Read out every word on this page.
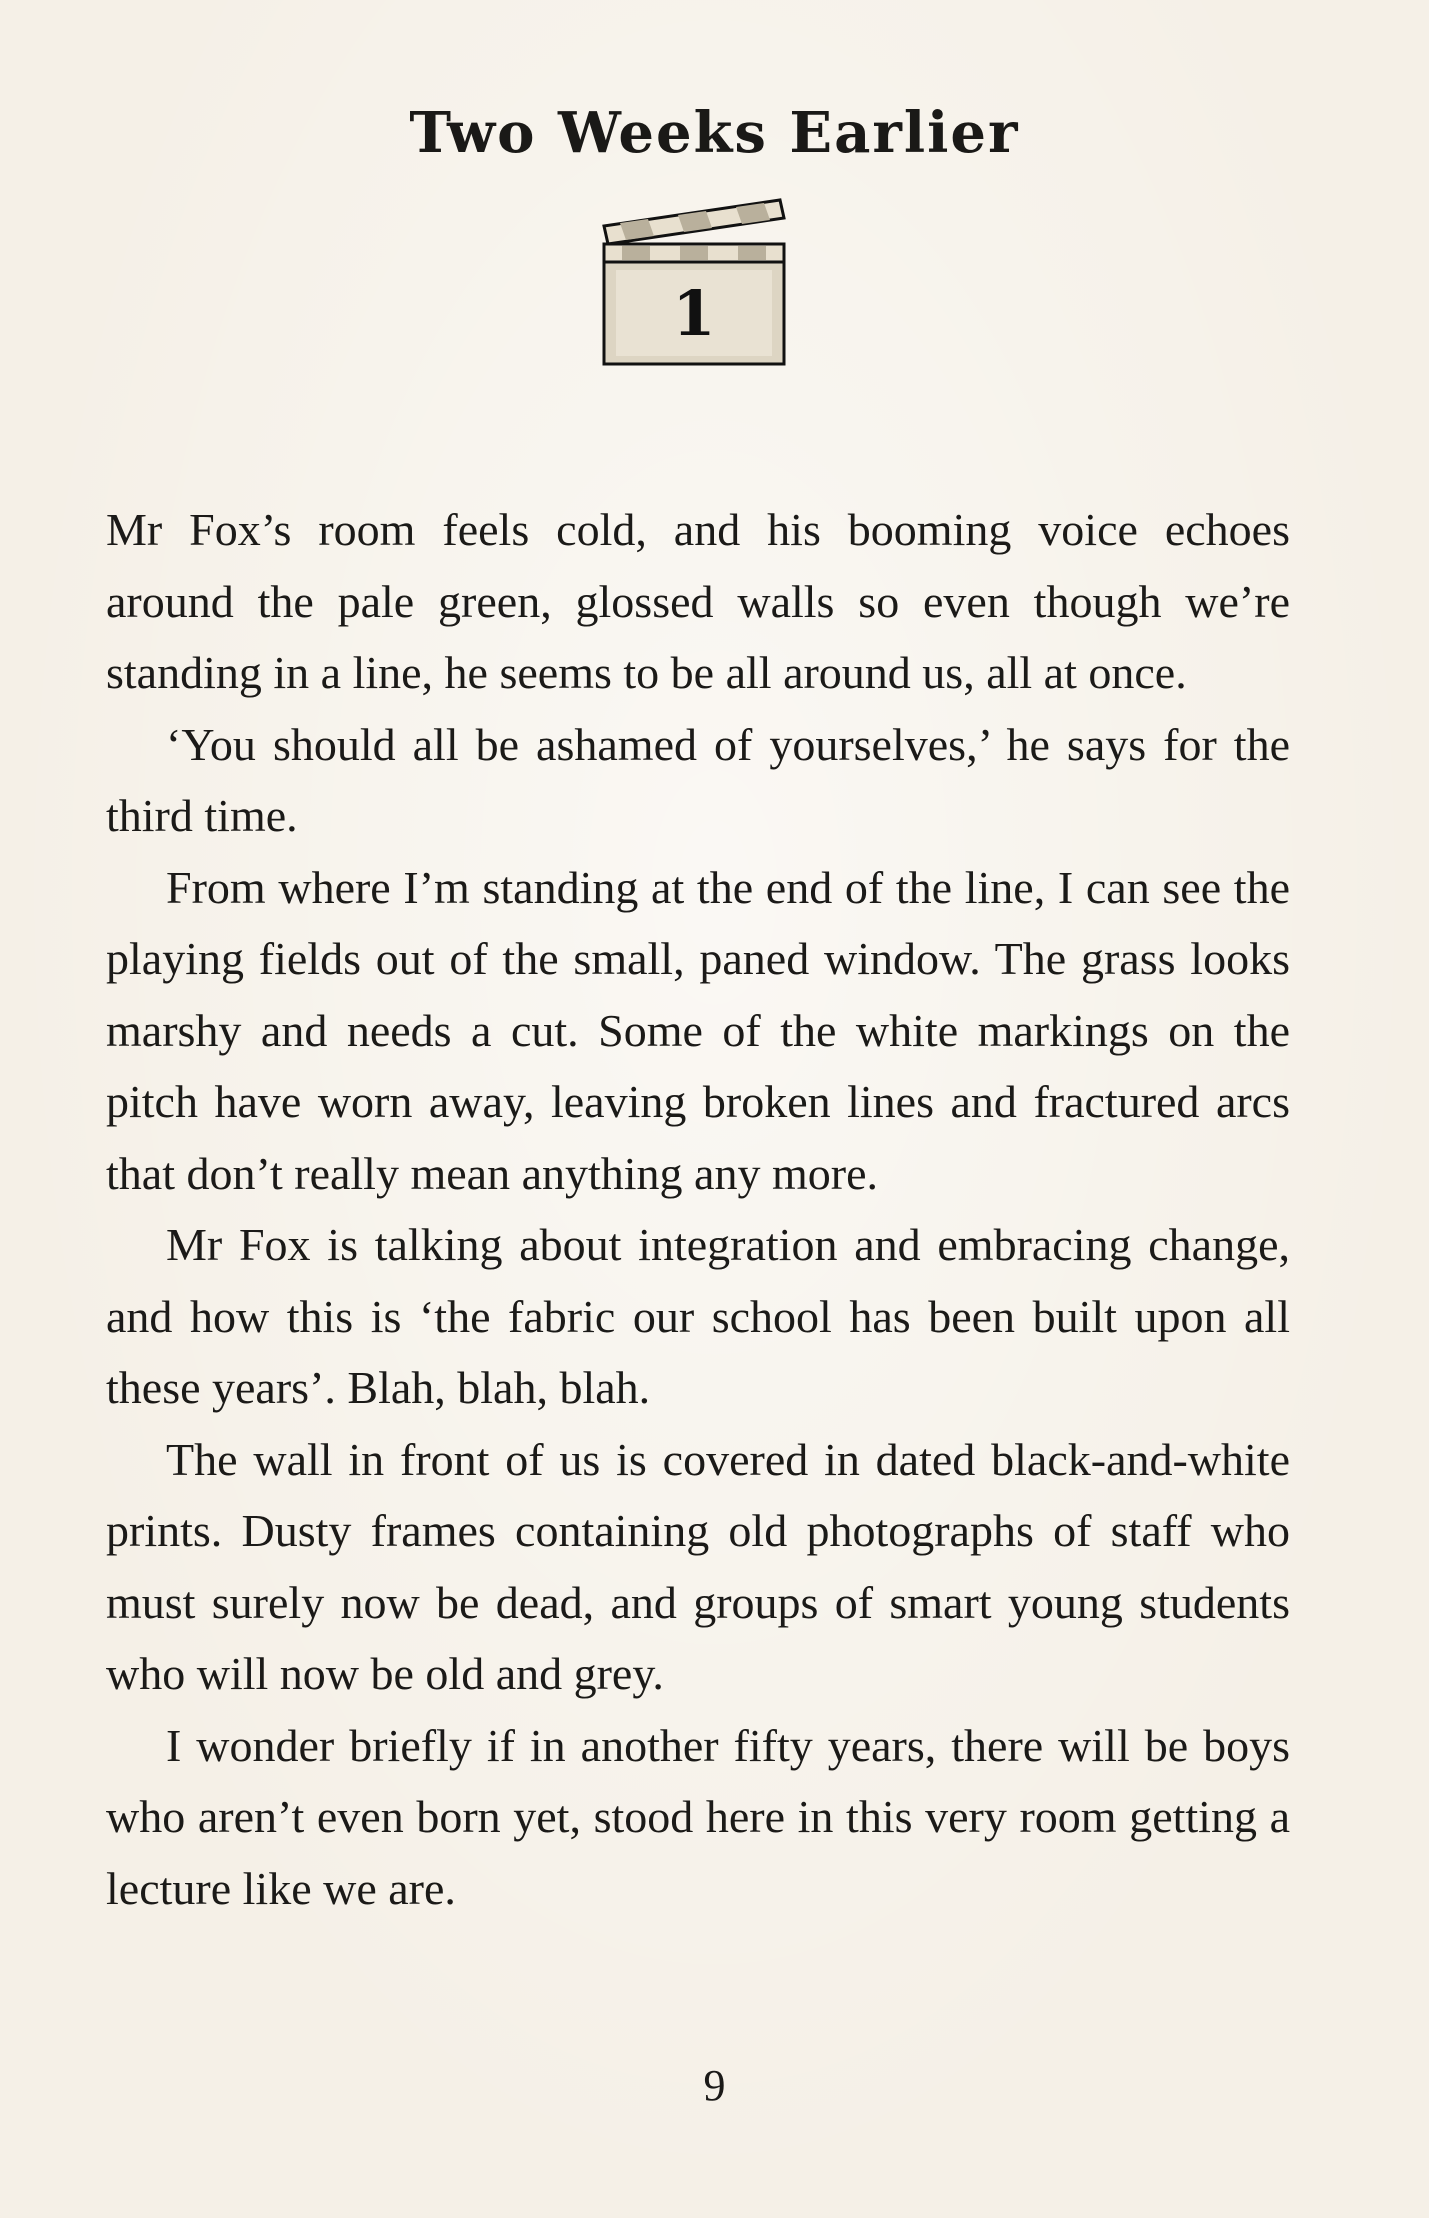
Two Weeks Earlier
1

Mr Fox’s room feels cold, and his booming voice echoes around the pale green, glossed walls so even though we’re standing in a line, he seems to be all around us, all at once.

‘You should all be ashamed of yourselves,’ he says for the third time.

From where I’m standing at the end of the line, I can see the playing fields out of the small, paned window. The grass looks marshy and needs a cut. Some of the white markings on the pitch have worn away, leaving broken lines and fractured arcs that don’t really mean anything any more.

Mr Fox is talking about integration and embracing change, and how this is ‘the fabric our school has been built upon all these years’. Blah, blah, blah.

The wall in front of us is covered in dated black-and-white prints. Dusty frames containing old photographs of staff who must surely now be dead, and groups of smart young students who will now be old and grey.

I wonder briefly if in another fifty years, there will be boys who aren’t even born yet, stood here in this very room getting a lecture like we are.

9
